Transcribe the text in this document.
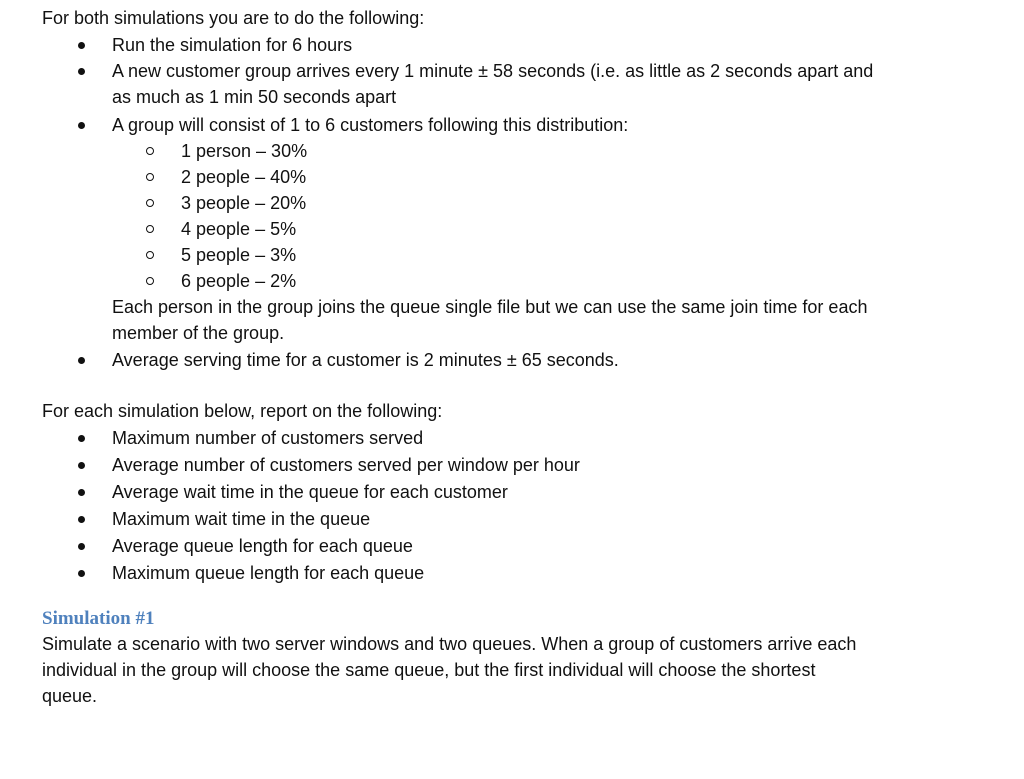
For both simulations you are to do the following:

Run the simulation for 6 hours
A new customer group arrives every 1 minute ± 58 seconds (i.e. as little as 2 seconds apart and
as much as 1 min 50 seconds apart
A group will consist of 1 to 6 customers following this distribution:
1 person – 30%
2 people – 40%
3 people – 20%
4 people – 5%
5 people – 3%
6 people – 2%
Each person in the group joins the queue single file but we can use the same join time for each
member of the group.
Average serving time for a customer is 2 minutes ± 65 seconds.

For each simulation below, report on the following:

Maximum number of customers served
Average number of customers served per window per hour
Average wait time in the queue for each customer
Maximum wait time in the queue
Average queue length for each queue
Maximum queue length for each queue
Simulation #1
Simulate a scenario with two server windows and two queues. When a group of customers arrive each
individual in the group will choose the same queue, but the first individual will choose the shortest
queue.
